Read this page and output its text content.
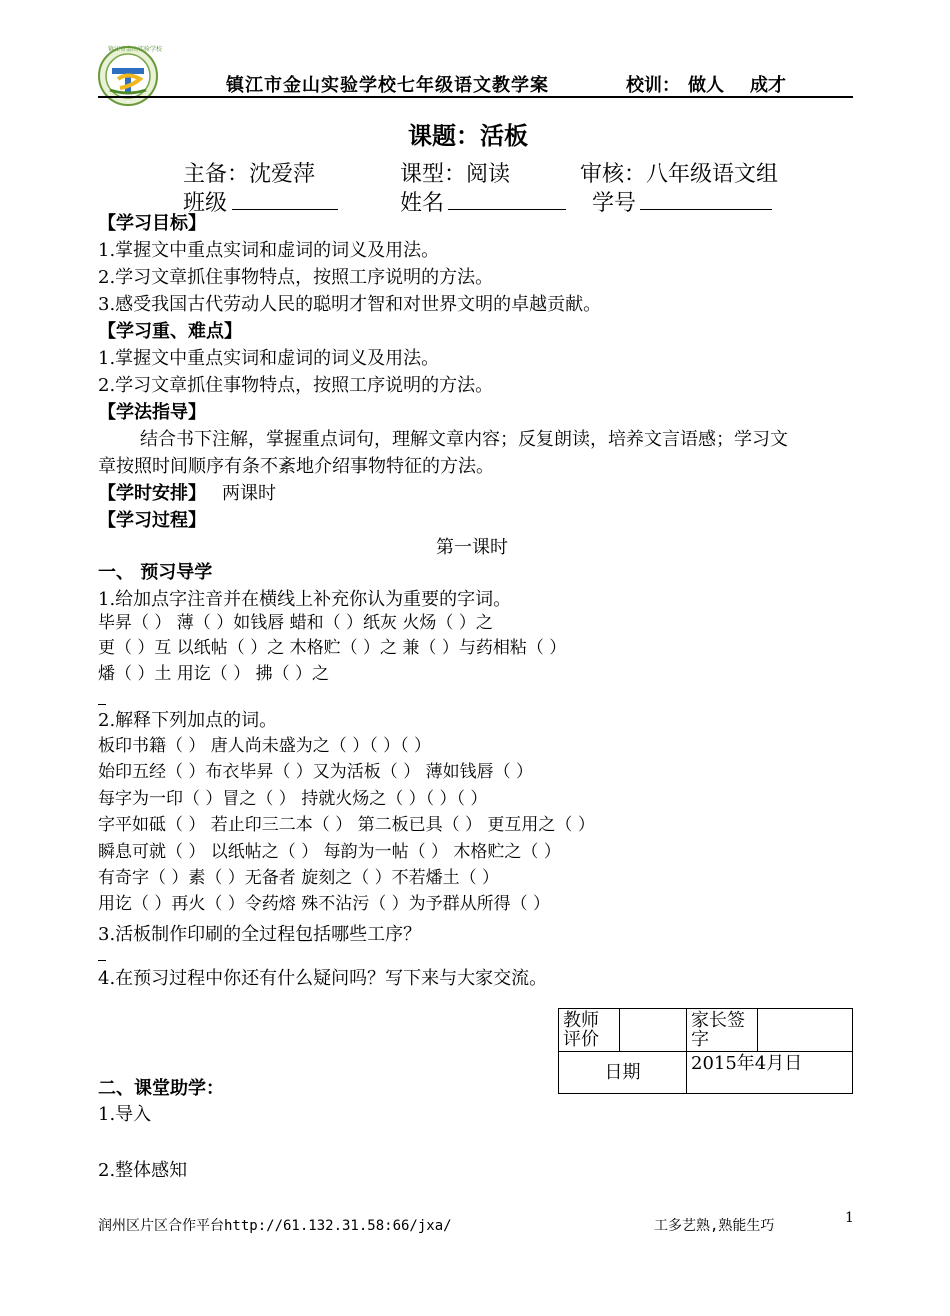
镇江市金山实验学校
镇江市金山实验学校七年级语文教学案	校训： 做人 成才
课题：活板
主备：沈爱萍	课型：阅读	审核：八年级语文组
班级	姓名	学号
【学习目标】
1.掌握文中重点实词和虚词的词义及用法。
2.学习文章抓住事物特点，按照工序说明的方法。
3.感受我国古代劳动人民的聪明才智和对世界文明的卓越贡献。
【学习重、难点】
1.掌握文中重点实词和虚词的词义及用法。
2.学习文章抓住事物特点，按照工序说明的方法。
【学法指导】
结合书下注解，掌握重点词句，理解文章内容；反复朗读，培养文言语感；学习文
章按照时间顺序有条不紊地介绍事物特征的方法。
【学时安排】 两课时
【学习过程】
第一课时
一、 预习导学
1.给加点字注音并在横线上补充你认为重要的字词。
毕昇（ ） 薄（ ）如钱唇 蜡和（ ）纸灰 火炀（ ）之
更（ ）互 以纸帖（ ）之 木格贮（ ）之 兼（ ）与药相粘（ ）
燔（ ）土 用讫（ ） 拂（ ）之
2.解释下列加点的词。
板印书籍（ ） 唐人尚未盛为之（ ）（ ）（ ）
始印五经（ ）布衣毕昇（ ）又为活板（ ） 薄如钱唇（ ）
每字为一印（ ）冒之（ ） 持就火炀之（ ）（ ）（ ）
字平如砥（ ） 若止印三二本（ ） 第二板已具（ ） 更互用之（ ）
瞬息可就（ ） 以纸帖之（ ） 每韵为一帖（ ） 木格贮之（ ）
有奇字（ ）素（ ）无备者 旋刻之（ ）不若燔土（ ）
用讫（ ）再火（ ）令药熔 殊不沾污（ ）为予群从所得（ ）
3.活板制作印刷的全过程包括哪些工序？
4.在预习过程中你还有什么疑问吗？写下来与大家交流。
教师评价		家长签字	
日期		2015年4月日	
二、课堂助学：
1.导入
2.整体感知
润州区片区合作平台http://61.132.31.58:66/jxa/	工多艺熟,熟能生巧	1
